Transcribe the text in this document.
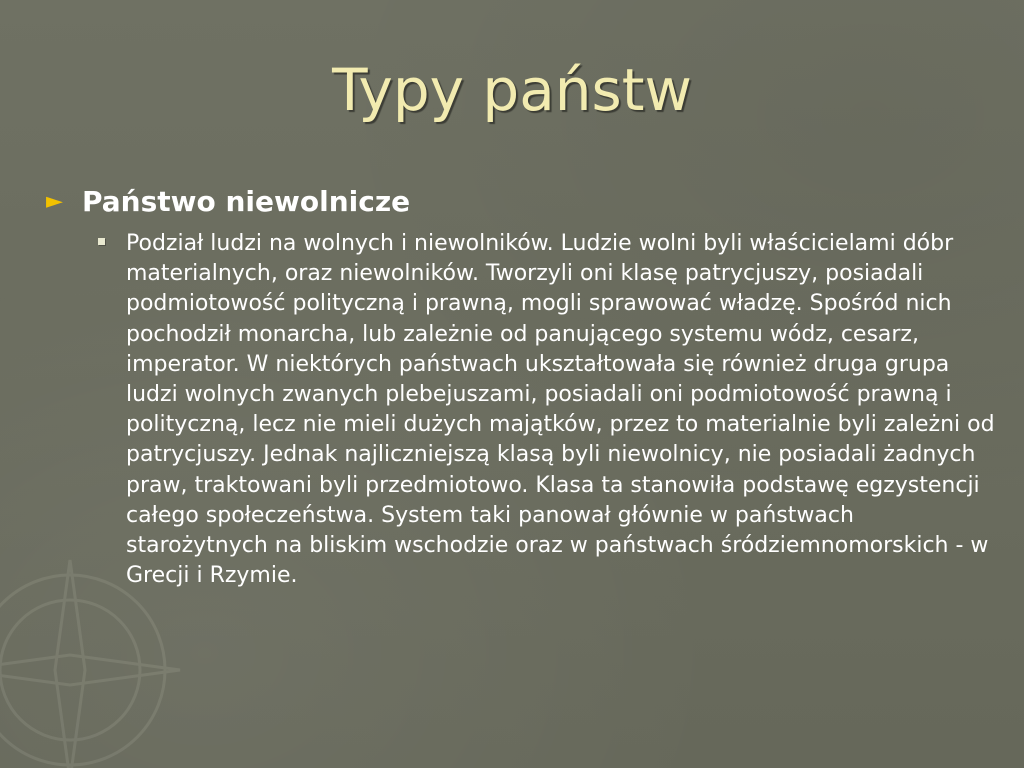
Typy państw
► Państwo niewolnicze
Podział ludzi na wolnych i niewolników. Ludzie wolni byli właścicielami dóbr materialnych, oraz niewolników. Tworzyli oni klasę patrycjuszy, posiadali podmiotowość polityczną i prawną, mogli sprawować władzę. Spośród nich pochodził monarcha, lub zależnie od panującego systemu wódz, cesarz, imperator. W niektórych państwach ukształtowała się również druga grupa ludzi wolnych zwanych plebejuszami, posiadali oni podmiotowość prawną i polityczną, lecz nie mieli dużych majątków, przez to materialnie byli zależni od patrycjuszy. Jednak najliczniejszą klasą byli niewolnicy, nie posiadali żadnych praw, traktowani byli przedmiotowo. Klasa ta stanowiła podstawę egzystencji całego społeczeństwa. System taki panował głównie w państwach starożytnych na bliskim wschodzie oraz w państwach śródziemnomorskich - w Grecji i Rzymie.
